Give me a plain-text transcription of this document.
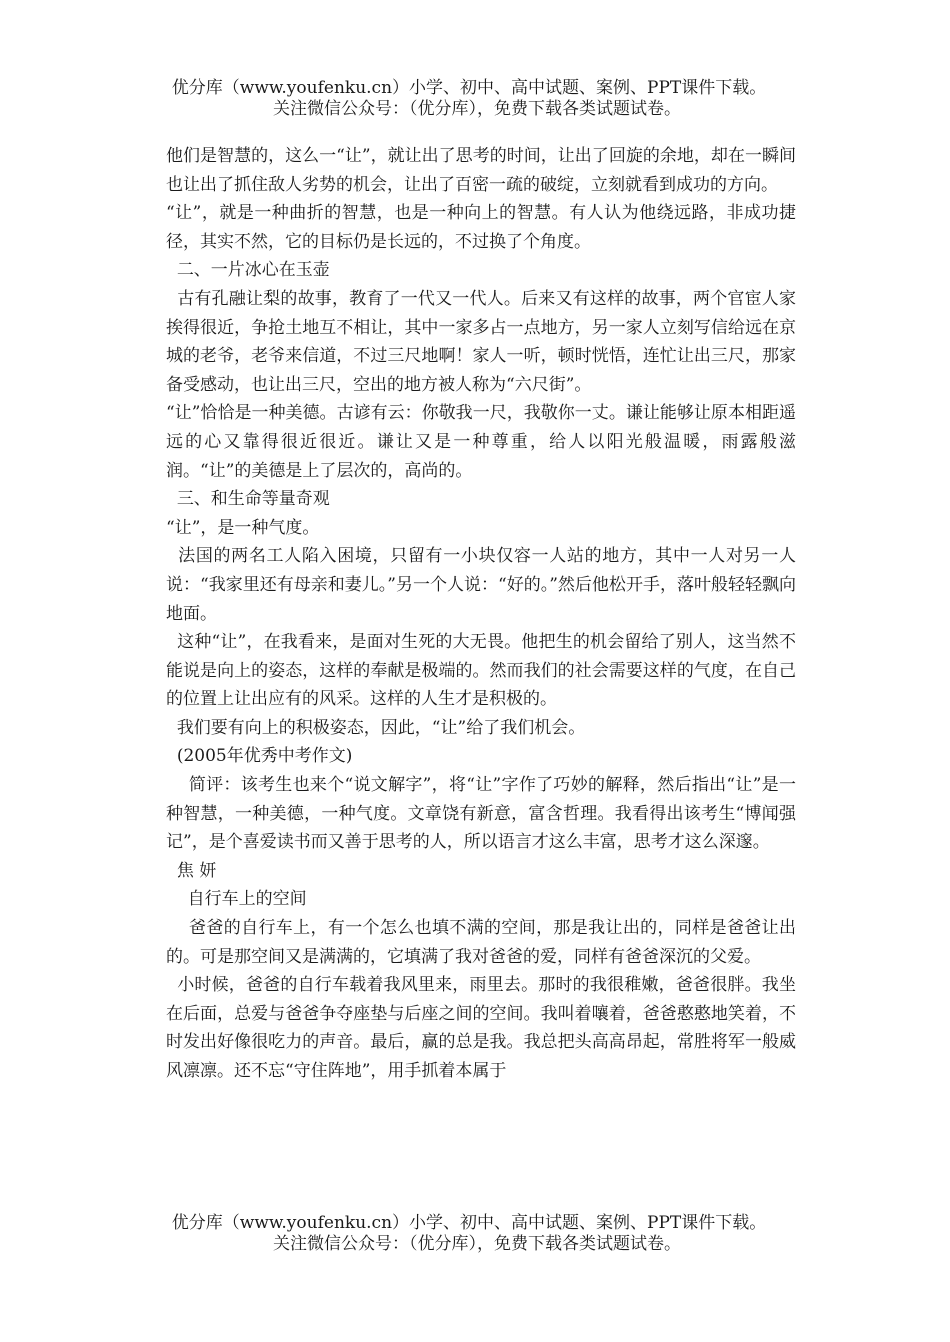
优分库（www.youfenku.cn）小学、初中、高中试题、案例、PPT课件下载。
关注微信公众号：（优分库），免费下载各类试题试卷。

他们是智慧的，这么一“让”，就让出了思考的时间，让出了回旋的余地，却在一瞬间也让出了抓住敌人劣势的机会，让出了百密一疏的破绽，立刻就看到成功的方向。

“让”，就是一种曲折的智慧，也是一种向上的智慧。有人认为他绕远路，非成功捷径，其实不然，它的目标仍是长远的，不过换了个角度。

二、一片冰心在玉壶

古有孔融让梨的故事，教育了一代又一代人。后来又有这样的故事，两个官宦人家挨得很近，争抢土地互不相让，其中一家多占一点地方，另一家人立刻写信给远在京城的老爷，老爷来信道，不过三尺地啊！家人一听，顿时恍悟，连忙让出三尺，那家备受感动，也让出三尺，空出的地方被人称为“六尺街”。

“让”恰恰是一种美德。古谚有云：你敬我一尺，我敬你一丈。谦让能够让原本相距遥远的心又靠得很近很近。谦让又是一种尊重，给人以阳光般温暖，雨露般滋润。“让”的美德是上了层次的，高尚的。

三、和生命等量奇观

“让”，是一种气度。

法国的两名工人陷入困境，只留有一小块仅容一人站的地方，其中一人对另一人说：“我家里还有母亲和妻儿。”另一个人说：“好的。”然后他松开手，落叶般轻轻飘向地面。

这种“让”，在我看来，是面对生死的大无畏。他把生的机会留给了别人，这当然不能说是向上的姿态，这样的奉献是极端的。然而我们的社会需要这样的气度，在自己的位置上让出应有的风采。这样的人生才是积极的。

我们要有向上的积极姿态，因此，“让”给了我们机会。

(2005年优秀中考作文)

简评：该考生也来个“说文解字”，将“让”字作了巧妙的解释，然后指出“让”是一种智慧，一种美德，一种气度。文章饶有新意，富含哲理。我看得出该考生“博闻强记”，是个喜爱读书而又善于思考的人，所以语言才这么丰富，思考才这么深邃。

焦 妍

自行车上的空间

爸爸的自行车上，有一个怎么也填不满的空间，那是我让出的，同样是爸爸让出的。可是那空间又是满满的，它填满了我对爸爸的爱，同样有爸爸深沉的父爱。

小时候，爸爸的自行车载着我风里来，雨里去。那时的我很稚嫩，爸爸很胖。我坐在后面，总爱与爸爸争夺座垫与后座之间的空间。我叫着嚷着，爸爸憨憨地笑着，不时发出好像很吃力的声音。最后，赢的总是我。我总把头高高昂起，常胜将军一般威风凛凛。还不忘“守住阵地”，用手抓着本属于

优分库（www.youfenku.cn）小学、初中、高中试题、案例、PPT课件下载。
关注微信公众号：（优分库），免费下载各类试题试卷。
